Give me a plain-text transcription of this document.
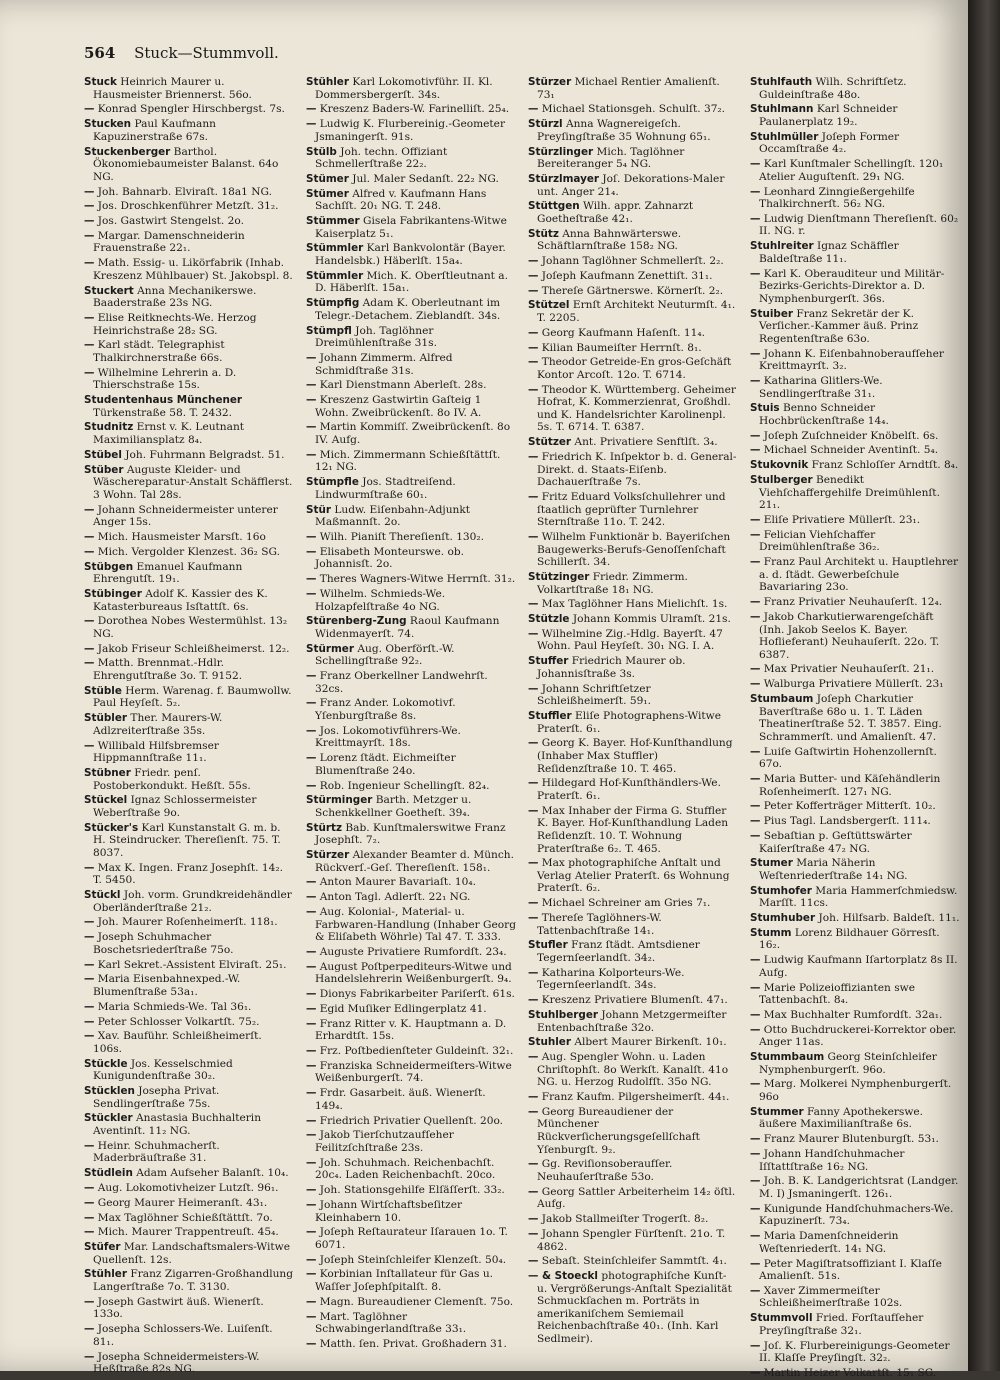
564 Stuck—Stummvoll.

Stuck Heinrich Maurer u. Hausmeister Briennerst. 56o.

— Konrad Spengler Hirschbergst. 7s.

Stucken Paul Kaufmann Kapuzinerstraße 67s.

Stuckenberger Barthol. Ökonomiebaumeister Balanst. 64o NG.

— Joh. Bahnarb. Elviraſt. 18a1 NG.

— Jos. Droschkenführer Metzſt. 31₂.

— Jos. Gastwirt Stengelst. 2o.

— Margar. Damenschneiderin Frauenstraße 22₁.

— Math. Essig- u. Likörfabrik (Inhab. Kreszenz Mühlbauer) St. Jakobspl. 8.

Stuckert Anna Mechanikerswe. Baaderstraße 23s NG.

— Elise Reitknechts-We. Herzog Heinrichstraße 28₂ SG.

— Karl städt. Telegraphist Thalkirchnerstraße 66s.

— Wilhelmine Lehrerin a. D. Thierschstraße 15s.

Studentenhaus Münchener Türkenstraße 58. T. 2432.

Studnitz Ernst v. K. Leutnant Maximiliansplatz 8₄.

Stübel Joh. Fuhrmann Belgradst. 51.

Stüber Auguste Kleider- und Wäschereparatur-Anstalt Schäfflerst. 3 Wohn. Tal 28s.

— Johann Schneidermeister unterer Anger 15s.

— Mich. Hausmeister Marsſt. 16o

— Mich. Vergolder Klenzest. 36₂ SG.

Stübgen Emanuel Kaufmann Ehrengutſt. 19₁.

Stübinger Adolf K. Kassier des K. Katasterbureaus Isſtattſt. 6s.

— Dorothea Nobes Westermühlst. 13₂ NG.

— Jakob Friseur Schleißheimerst. 12₂.

— Matth. Brennmat.-Hdlr. Ehrengutſtraße 3o. T. 9152.

Stüble Herm. Warenag. f. Baumwollw. Paul Heyſeſt. 5₂.

Stübler Ther. Maurers-W. Adlzreiterſtraße 35s.

— Willibald Hilfsbremser Hippmannſtraße 11₁.

Stübner Friedr. penſ. Postoberkondukt. Heßſt. 55s.

Stückel Ignaz Schlossermeister Weberſtraße 9o.

Stücker's Karl Kunstanstalt G. m. b. H. Steindrucker. Thereſienſt. 75. T. 8037.

— Max K. Ingen. Franz Josephſt. 14₂. T. 5450.

Stückl Joh. vorm. Grundkreidehändler Oberländerſtraße 21₂.

— Joh. Maurer Roſenheimerſt. 118₁.

— Joseph Schuhmacher Boschetsriederſtraße 75o.

— Karl Sekret.-Assistent Elviraſt. 25₁.

— Maria Eisenbahnexped.-W. Blumenſtraße 53a₁.

— Maria Schmieds-We. Tal 36₁.

— Peter Schlosser Volkartſt. 75₂.

— Xav. Bauführ. Schleißheimerſt. 106s.

Stückle Jos. Kesselschmied Kunigundenſtraße 30₂.

Stücklen Josepha Privat. Sendlingerſtraße 75s.

Stückler Anastasia Buchhalterin Aventinſt. 11₂ NG.

— Heinr. Schuhmacherſt. Maderbräuſtraße 31.

Stüdlein Adam Aufseher Balanſt. 10₄.

— Aug. Lokomotivheizer Lutzſt. 96₁.

— Georg Maurer Heimeranſt. 43₁.

— Max Taglöhner Schießſtättſt. 7o.

— Mich. Maurer Trappentreuſt. 45₄.

Stüfer Mar. Landschaftsmalers-Witwe Quellenſt. 12s.

Stühler Franz Zigarren-Großhandlung Langerſtraße 7o. T. 3130.

— Joseph Gastwirt äuß. Wienerſt. 133o.

— Josepha Schlossers-We. Luiſenſt. 81₁.

— Josepha Schneidermeisters-W. Heßſtraße 82s NG.

Stühler Karl Lokomotivführ. II. Kl. Dommersbergerſt. 34s.

— Kreszenz Baders-W. Farinelliſt. 25₄.

— Ludwig K. Flurbereinig.-Geometer Jsmaningerſt. 91s.

Stülb Joh. techn. Offiziant Schmellerſtraße 22₂.

Stümer Jul. Maler Sedanſt. 22₂ NG.

Stümer Alfred v. Kaufmann Hans Sachſſt. 20₁ NG. T. 248.

Stümmer Gisela Fabrikantens-Witwe Kaiserplatz 5₁.

Stümmler Karl Bankvolontär (Bayer. Handelsbk.) Häberlſt. 15a₄.

Stümmler Mich. K. Oberſtleutnant a. D. Häberlſt. 15a₁.

Stümpfig Adam K. Oberleutnant im Telegr.-Detachem. Zieblandſt. 34s.

Stümpfl Joh. Taglöhner Dreimühlenſtraße 31s.

— Johann Zimmerm. Alfred Schmidſtraße 31s.

— Karl Dienstmann Aberleſt. 28s.

— Kreszenz Gastwirtin Gaſteig 1 Wohn. Zweibrückenſt. 8o IV. A.

— Martin Kommiſſ. Zweibrückenſt. 8o IV. Aufg.

— Mich. Zimmermann Schießſtättſt. 12₁ NG.

Stümpfle Jos. Stadtreiſend. Lindwurmſtraße 60₁.

Stür Ludw. Eiſenbahn-Adjunkt Maßmannſt. 2o.

— Wilh. Pianiſt Thereſienſt. 130₂.

— Elisabeth Monteurswe. ob. Johannisſt. 2o.

— Theres Wagners-Witwe Herrnſt. 31₂.

— Wilhelm. Schmieds-We. Holzapfelſtraße 4o NG.

Stürenberg-Zung Raoul Kaufmann Widenmayerſt. 74.

Stürmer Aug. Oberförſt.-W. Schellingſtraße 92₂.

— Franz Oberkellner Landwehrſt. 32cs.

— Franz Ander. Lokomotivf. Yſenburgſtraße 8s.

— Jos. Lokomotivführers-We. Kreittmayrſt. 18s.

— Lorenz ſtädt. Eichmeiſter Blumenſtraße 24o.

— Rob. Ingenieur Schellingſt. 82₄.

Stürminger Barth. Metzger u. Schenkkellner Goetheſt. 39₄.

Stürtz Bab. Kunſtmalerswitwe Franz Josephſt. 7₂.

Stürzer Alexander Beamter d. Münch. Rückverſ.-Geſ. Thereſienſt. 158₁.

— Anton Maurer Bavariaſt. 10₄.

— Anton Tagl. Adlerſt. 22₁ NG.

— Aug. Kolonial-, Material- u. Farbwaren-Handlung (Inhaber Georg & Eliſabeth Wöhrle) Tal 47. T. 333.

— Auguste Privatiere Rumfordſt. 23₄.

— August Poſtperpediteurs-Witwe und Handelslehrerin Weißenburgerſt. 9₄.

— Dionys Fabrikarbeiter Pariſerſt. 61s.

— Egid Muſiker Edlingerplatz 41.

— Franz Ritter v. K. Hauptmann a. D. Erhardtſt. 15s.

— Frz. Poſtbedienſteter Guldeinſt. 32₁.

— Franziska Schneidermeiſters-Witwe Weißenburgerſt. 74.

— Frdr. Gasarbeit. äuß. Wienerſt. 149₄.

— Friedrich Privatier Quellenſt. 20o.

— Jakob Tierſchutzaufſeher Feilitzſchſtraße 23s.

— Joh. Schuhmach. Reichenbachſt. 20c₄. Laden Reichenbachſt. 20co.

— Joh. Stationsgehilfe Elſäſſerſt. 33₂.

— Johann Wirtſchaftsbeſitzer Kleinhabern 10.

— Joſeph Reſtaurateur Iſarauen 1o. T. 6071.

— Joſeph Steinſchleifer Klenzeſt. 50₄.

— Korbinian Inſtallateur für Gas u. Waſſer Joſephſpitalſt. 8.

— Magn. Bureaudiener Clemenſt. 75o.

— Mart. Taglöhner Schwabingerlandſtraße 33₁.

— Matth. ſen. Privat. Großhadern 31.

Stürzer Michael Rentier Amalienſt. 73₁

— Michael Stationsgeh. Schulſt. 37₂.

Stürzl Anna Wagnereigeſch. Preyſingſtraße 35 Wohnung 65₁.

Stürzlinger Mich. Taglöhner Bereiteranger 5₄ NG.

Stürzlmayer Joſ. Dekorations-Maler unt. Anger 21₄.

Stüttgen Wilh. appr. Zahnarzt Goetheſtraße 42₁.

Stütz Anna Bahnwärterswe. Schäftlarnſtraße 158₂ NG.

— Johann Taglöhner Schmellerſt. 2₂.

— Joſeph Kaufmann Zenettiſt. 31₁.

— Thereſe Gärtnerswe. Körnerſt. 2₂.

Stützel Ernſt Architekt Neuturmſt. 4₁. T. 2205.

— Georg Kaufmann Haſenſt. 11₄.

— Kilian Baumeiſter Herrnſt. 8₁.

— Theodor Getreide-En gros-Geſchäft Kontor Arcoſt. 12o. T. 6714.

— Theodor K. Württemberg. Geheimer Hofrat, K. Kommerzienrat, Großhdl. und K. Handelsrichter Karolinenpl. 5s. T. 6714. T. 6387.

Stützer Ant. Privatiere Senftlſt. 3₄.

— Friedrich K. Inſpektor b. d. General-Direkt. d. Staats-Eiſenb. Dachauerſtraße 7s.

— Fritz Eduard Volksſchullehrer und ſtaatlich geprüfter Turnlehrer Sternſtraße 11o. T. 242.

— Wilhelm Funktionär b. Bayeriſchen Baugewerks-Berufs-Genoſſenſchaft Schillerſt. 34.

Stützinger Friedr. Zimmerm. Volkartſtraße 18₁ NG.

— Max Taglöhner Hans Mielichſt. 1s.

Stützle Johann Kommis Ulramſt. 21s.

— Wilhelmine Zig.-Hdlg. Bayerſt. 47 Wohn. Paul Heyſeſt. 30₁ NG. I. A.

Stuffer Friedrich Maurer ob. Johannisſtraße 3s.

— Johann Schriftſetzer Schleißheimerſt. 59₁.

Stuffler Eliſe Photographens-Witwe Praterſt. 6₁.

— Georg K. Bayer. Hof-Kunſthandlung (Inhaber Max Stuffler) Reſidenzſtraße 10. T. 465.

— Hildegard Hof-Kunſthändlers-We. Praterſt. 6₁.

— Max Inhaber der Firma G. Stuffler K. Bayer. Hof-Kunſthandlung Laden Reſidenzſt. 10. T. Wohnung Praterſtraße 6₂. T. 465.

— Max photographiſche Anſtalt und Verlag Atelier Praterſt. 6s Wohnung Praterſt. 6₂.

— Michael Schreiner am Gries 7₁.

— Thereſe Taglöhners-W. Tattenbachſtraße 14₁.

Stufler Franz ſtädt. Amtsdiener Tegernſeerlandſt. 34₂.

— Katharina Kolporteurs-We. Tegernſeerlandſt. 34s.

— Kreszenz Privatiere Blumenſt. 47₁.

Stuhlberger Johann Metzgermeiſter Entenbachſtraße 32o.

Stuhler Albert Maurer Birkenſt. 10₁.

— Aug. Spengler Wohn. u. Laden Chriſtophſt. 8o Werkſt. Kanalſt. 41o NG. u. Herzog Rudolfſt. 35o NG.

— Franz Kaufm. Pilgersheimerſt. 44₁.

— Georg Bureaudiener der Münchener Rückverſicherungsgeſellſchaft Yſenburgſt. 9₂.

— Gg. Reviſionsoberaufſer. Neuhauſerſtraße 53o.

— Georg Sattler Arbeiterheim 14₂ öſtl. Aufg.

— Jakob Stallmeiſter Trogerſt. 8₂.

— Johann Spengler Fürſtenſt. 21o. T. 4862.

— Sebaſt. Steinſchleifer Sammtſt. 4₁.

— & Stoeckl photographiſche Kunſt- u. Vergrößerungs-Anſtalt Spezialität Schmuckſachen m. Porträts in amerikaniſchem Semiemail Reichenbachſtraße 40₁. (Inh. Karl Sedlmeir).

Stuhlfauth Wilh. Schriftſetz. Guldeinſtraße 48o.

Stuhlmann Karl Schneider Paulanerplatz 19₂.

Stuhlmüller Joſeph Former Occamſtraße 4₂.

— Karl Kunſtmaler Schellingſt. 120₁ Atelier Auguſtenſt. 29₁ NG.

— Leonhard Zinngießergehilfe Thalkirchnerſt. 56₂ NG.

— Ludwig Dienſtmann Thereſienſt. 60₂ II. NG. r.

Stuhlreiter Ignaz Schäffler Baldeſtraße 11₁.

— Karl K. Oberauditeur und Militär-Bezirks-Gerichts-Direktor a. D. Nymphenburgerſt. 36s.

Stuiber Franz Sekretär der K. Verſicher.-Kammer äuß. Prinz Regentenſtraße 63o.

— Johann K. Eiſenbahnoberaufſeher Kreittmayrſt. 3₂.

— Katharina Glitlers-We. Sendlingerſtraße 31₁.

Stuis Benno Schneider Hochbrückenſtraße 14₄.

— Joſeph Zuſchneider Knöbelſt. 6s.

— Michael Schneider Aventinſt. 5₄.

Stukovnik Franz Schloſſer Arndtſt. 8₄.

Stulberger Benedikt Viehſchaffergehilfe Dreimühlenſt. 21₁.

— Eliſe Privatiere Müllerſt. 23₁.

— Felician Viehſchaffer Dreimühlenſtraße 36₂.

— Franz Paul Architekt u. Hauptlehrer a. d. ſtädt. Gewerbeſchule Bavariaring 23o.

— Franz Privatier Neuhauſerſt. 12₄.

— Jakob Charkutierwarengeſchäft (Inh. Jakob Seelos K. Bayer. Hoflieferant) Neuhauſerſt. 22o. T. 6387.

— Max Privatier Neuhauſerſt. 21₁.

— Walburga Privatiere Müllerſt. 23₁

Stumbaum Joſeph Charkutier Baverſtraße 68o u. 1. T. Läden Theatinerſtraße 52. T. 3857. Eing. Schrammerſt. und Amalienſt. 47.

— Luiſe Gaſtwirtin Hohenzollernſt. 67o.

— Maria Butter- und Käſehändlerin Roſenheimerſt. 127₁ NG.

— Peter Kofferträger Mitterſt. 10₂.

— Pius Tagl. Landsbergerſt. 111₄.

— Sebaſtian p. Geſtüttswärter Kaiſerſtraße 47₂ NG.

Stumer Maria Näherin Weſtenriederſtraße 14₁ NG.

Stumhofer Maria Hammerſchmiedsw. Marſſt. 11cs.

Stumhuber Joh. Hilfsarb. Baldeſt. 11₁.

Stumm Lorenz Bildhauer Görresſt. 16₂.

— Ludwig Kaufmann Iſartorplatz 8s II. Aufg.

— Marie Polizeioffizianten swe Tattenbachſt. 8₄.

— Max Buchhalter Rumfordſt. 32a₁.

— Otto Buchdruckerei-Korrektor ober. Anger 11as.

Stummbaum Georg Steinſchleifer Nymphenburgerſt. 96o.

— Marg. Molkerei Nymphenburgerſt. 96o

Stummer Fanny Apothekerswe. äußere Maximilianſtraße 6s.

— Franz Maurer Blutenburgſt. 53₁.

— Johann Handſchuhmacher Iſſtattſtraße 16₂ NG.

— Joh. B. K. Landgerichtsrat (Landger. M. I) Jsmaningerſt. 126₁.

— Kunigunde Handſchuhmachers-We. Kapuzinerſt. 73₄.

— Maria Damenſchneiderin Weſtenriederſt. 14₁ NG.

— Peter Magiſtratsoffiziant I. Klaſſe Amalienſt. 51s.

— Xaver Zimmermeiſter Schleißheimerſtraße 102s.

Stummvoll Fried. Forſtaufſeher Preyſingſtraße 32₁.

— Joſ. K. Flurbereinigungs-Geometer II. Klaſſe Preyſingſt. 32₂.

— Martin Heizer Volkartſt. 15₁ SG.
